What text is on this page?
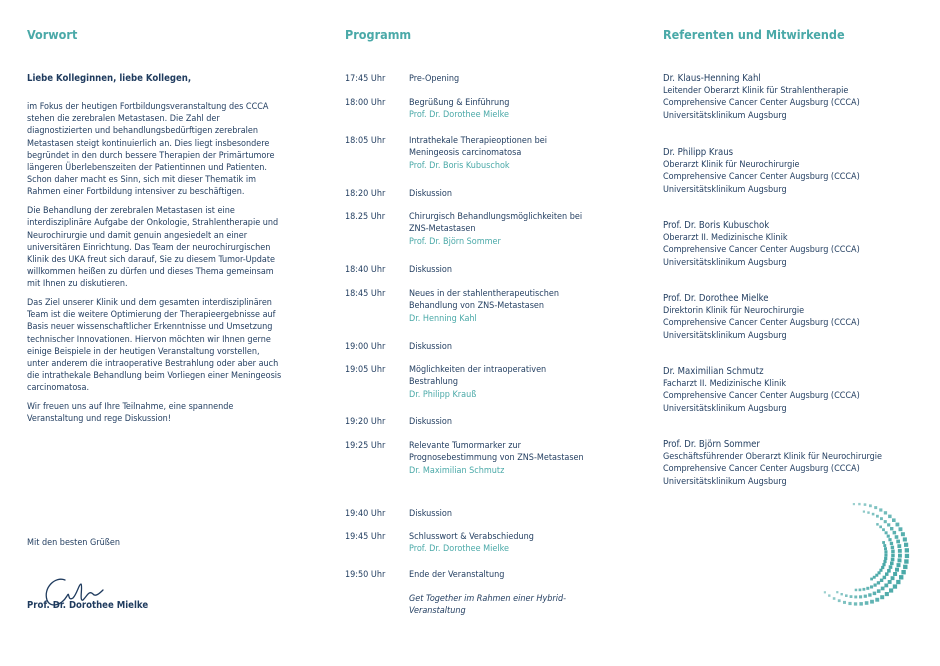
Vorwort
Liebe Kolleginnen, liebe Kollegen,

im Fokus der heutigen Fortbildungsveranstaltung des CCCA stehen die zerebralen Metastasen. Die Zahl der diagnostizierten und behandlungsbedürftigen zerebralen Metastasen steigt kontinuierlich an. Dies liegt insbesondere begründet in den durch bessere Therapien der Primärtumore längeren Überlebenszeiten der Patientinnen und Patienten. Schon daher macht es Sinn, sich mit dieser Thematik im Rahmen einer Fortbildung intensiver zu beschäftigen.

Die Behandlung der zerebralen Metastasen ist eine interdisziplinäre Aufgabe der Onkologie, Strahlentherapie und Neurochirurgie und damit genuin angesiedelt an einer universitären Einrichtung. Das Team der neurochirurgischen Klinik des UKA freut sich darauf, Sie zu diesem Tumor-Update willkommen heißen zu dürfen und dieses Thema gemeinsam mit Ihnen zu diskutieren.

Das Ziel unserer Klinik und dem gesamten interdisziplinären Team ist die weitere Optimierung der Therapieergebnisse auf Basis neuer wissenschaftlicher Erkenntnisse und Umsetzung technischer Innovationen. Hiervon möchten wir Ihnen gerne einige Beispiele in der heutigen Veranstaltung vorstellen, unter anderem die intraoperative Bestrahlung oder aber auch die intrathekale Behandlung beim Vorliegen einer Meningeosis carcinomatosa.

Wir freuen uns auf Ihre Teilnahme, eine spannende Veranstaltung und rege Diskussion!

Mit den besten Grüßen
Prof. Dr. Dorothee Mielke
Programm
17:45 Uhr	Pre-Opening
18:00 Uhr	Begrüßung & Einführung
Prof. Dr. Dorothee Mielke
18:05 Uhr	Intrathekale Therapieoptionen bei Meningeosis carcinomatosa
Prof. Dr. Boris Kubuschok
18:20 Uhr	Diskussion
18.25 Uhr	Chirurgisch Behandlungsmöglichkeiten bei ZNS-Metastasen
Prof. Dr. Björn Sommer
18:40 Uhr	Diskussion
18:45 Uhr	Neues in der stahlentherapeutischen Behandlung von ZNS-Metastasen
Dr. Henning Kahl
19:00 Uhr	Diskussion
19:05 Uhr	Möglichkeiten der intraoperativen Bestrahlung
Dr. Philipp Krauß
19:20 Uhr	Diskussion
19:25 Uhr	Relevante Tumormarker zur Prognosebestimmung von ZNS-Metastasen
Dr. Maximilian Schmutz
19:40 Uhr	Diskussion
19:45 Uhr	Schlusswort & Verabschiedung
Prof. Dr. Dorothee Mielke
19:50 Uhr	Ende der Veranstaltung
Get Together im Rahmen einer Hybrid-Veranstaltung
Referenten und Mitwirkende
Dr. Klaus-Henning Kahl
Leitender Oberarzt Klinik für Strahlentherapie
Comprehensive Cancer Center Augsburg (CCCA)
Universitätsklinikum Augsburg
Dr. Philipp Kraus
Oberarzt Klinik für Neurochirurgie
Comprehensive Cancer Center Augsburg (CCCA)
Universitätsklinikum Augsburg
Prof. Dr. Boris Kubuschok
Oberarzt II. Medizinische Klinik
Comprehensive Cancer Center Augsburg (CCCA)
Universitätsklinikum Augsburg
Prof. Dr. Dorothee Mielke
Direktorin Klinik für Neurochirurgie
Comprehensive Cancer Center Augsburg (CCCA)
Universitätsklinikum Augsburg
Dr. Maximilian Schmutz
Facharzt II. Medizinische Klinik
Comprehensive Cancer Center Augsburg (CCCA)
Universitätsklinikum Augsburg
Prof. Dr. Björn Sommer
Geschäftsführender Oberarzt Klinik für Neurochirurgie
Comprehensive Cancer Center Augsburg (CCCA)
Universitätsklinikum Augsburg
